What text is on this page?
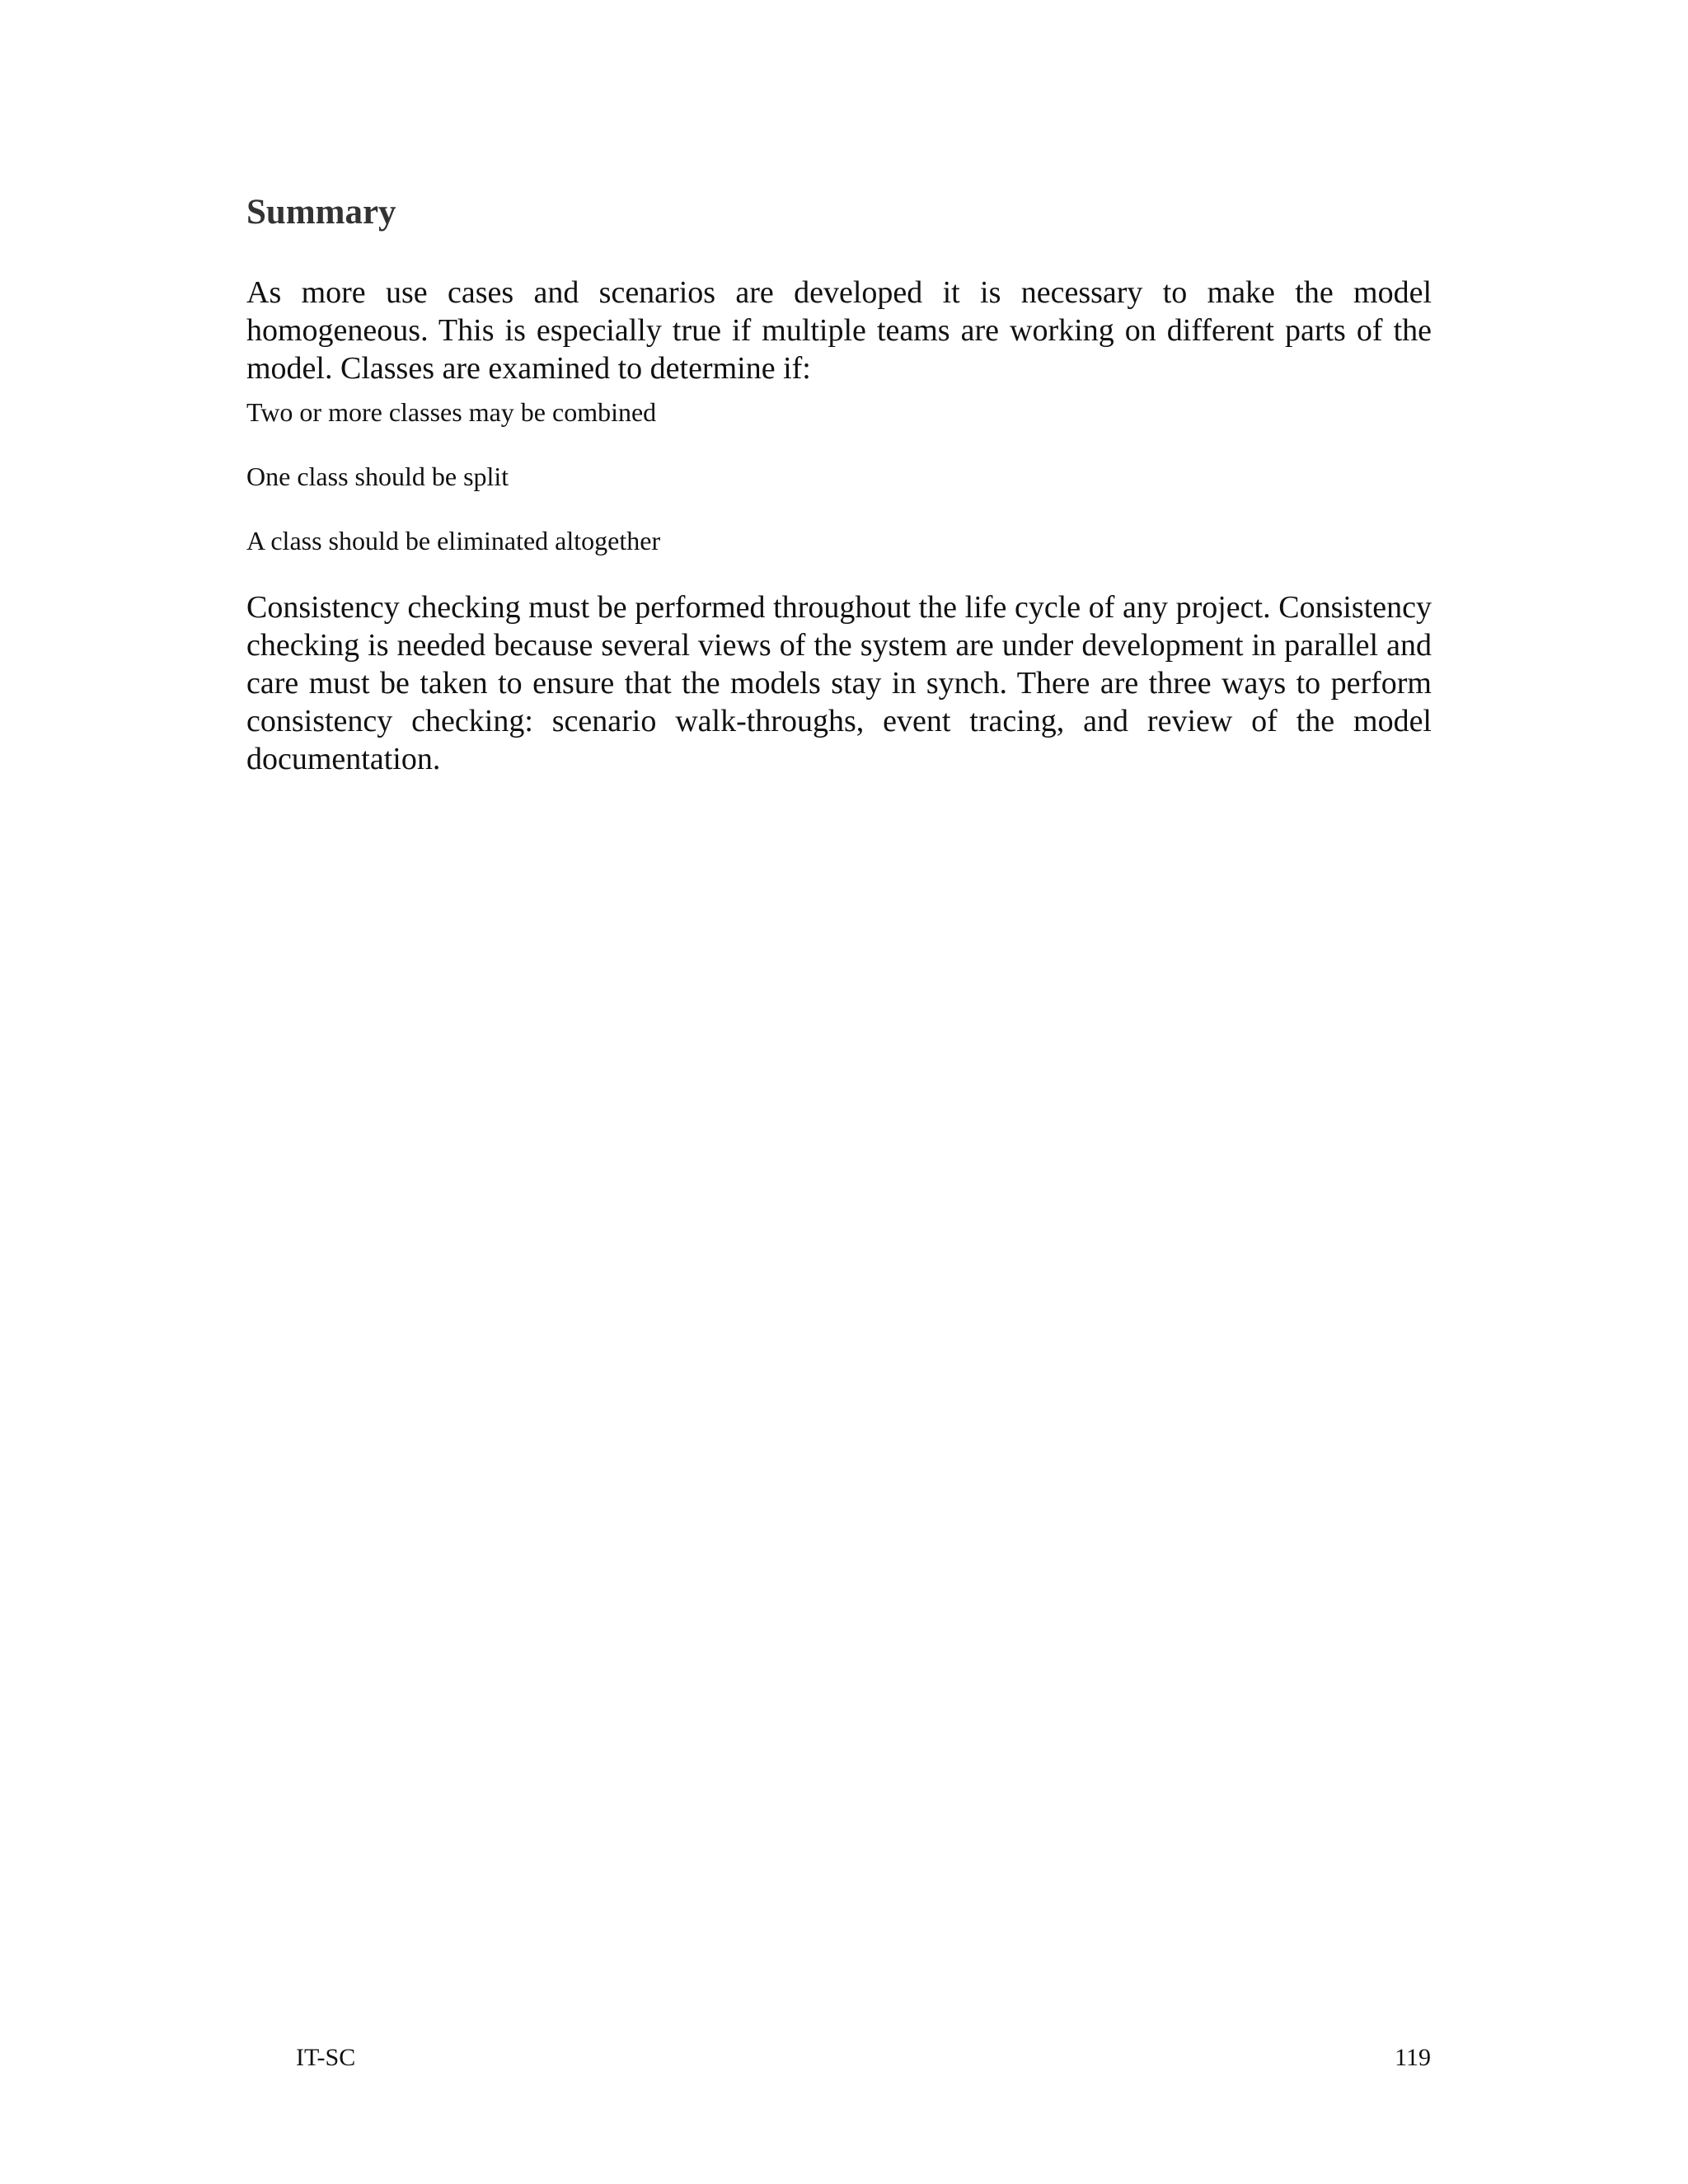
Summary

As more use cases and scenarios are developed it is necessary to make the model homogeneous. This is especially true if multiple teams are working on different parts of the model. Classes are examined to determine if:

Two or more classes may be combined
One class should be split
A class should be eliminated altogether

Consistency checking must be performed throughout the life cycle of any project. Consistency checking is needed because several views of the system are under development in parallel and care must be taken to ensure that the models stay in synch. There are three ways to perform consistency checking: scenario walk-throughs, event tracing, and review of the model documentation.

IT-SC	119
